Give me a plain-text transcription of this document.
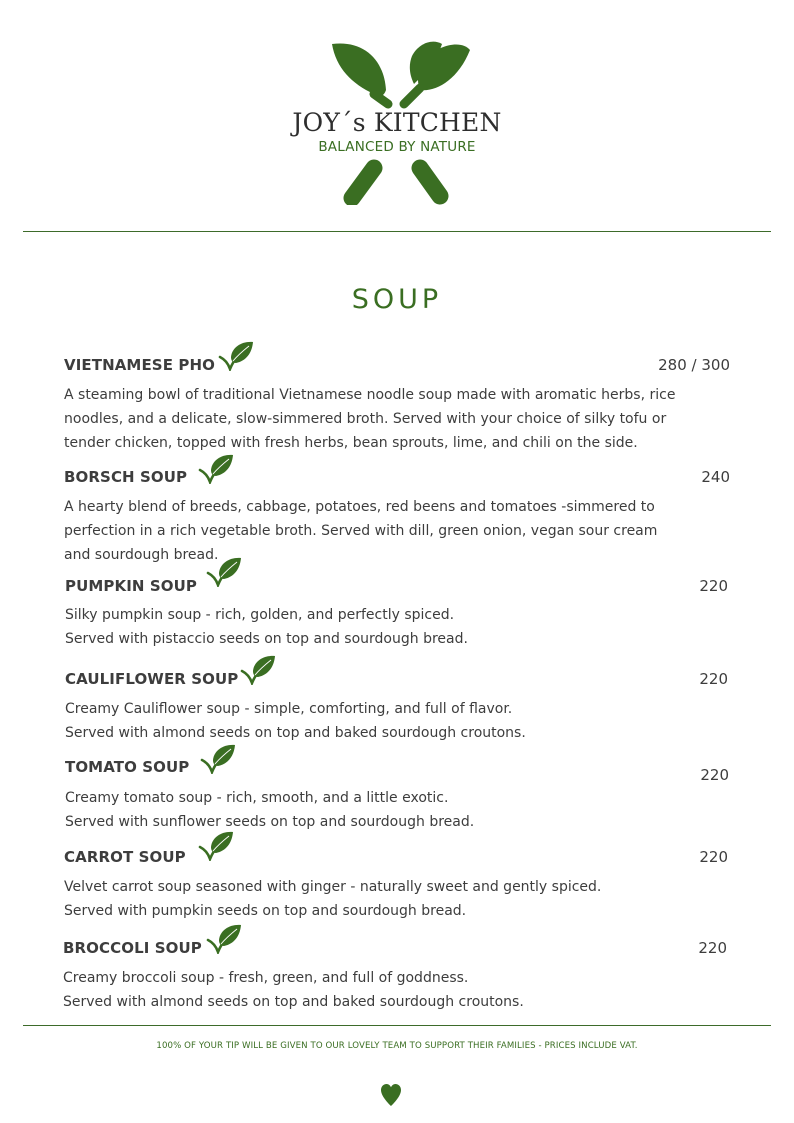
JOY´s KITCHEN
BALANCED BY NATURE
SOUP
VIETNAMESE PHO	280 / 300
A steaming bowl of traditional Vietnamese noodle soup made with aromatic herbs, rice
noodles, and a delicate, slow-simmered broth. Served with your choice of silky tofu or
tender chicken, topped with fresh herbs, bean sprouts, lime, and chili on the side.
BORSCH SOUP	240
A hearty blend of breeds, cabbage, potatoes, red beens and tomatoes -simmered to
perfection in a rich vegetable broth. Served with dill, green onion, vegan sour cream
and sourdough bread.
PUMPKIN SOUP	220
Silky pumpkin soup - rich, golden, and perfectly spiced.
Served with pistaccio seeds on top and sourdough bread.
CAULIFLOWER SOUP	220
Creamy Cauliflower soup - simple, comforting, and full of flavor.
Served with almond seeds on top and baked sourdough croutons.
TOMATO SOUP	220
Creamy tomato soup - rich, smooth, and a little exotic.
Served with sunflower seeds on top and sourdough bread.
CARROT SOUP	220
Velvet carrot soup seasoned with ginger - naturally sweet and gently spiced.
Served with pumpkin seeds on top and sourdough bread.
BROCCOLI SOUP	220
Creamy broccoli soup - fresh, green, and full of goddness.
Served with almond seeds on top and baked sourdough croutons.
100% OF YOUR TIP WILL BE GIVEN TO OUR LOVELY TEAM TO SUPPORT THEIR FAMILIES - PRICES INCLUDE VAT.
